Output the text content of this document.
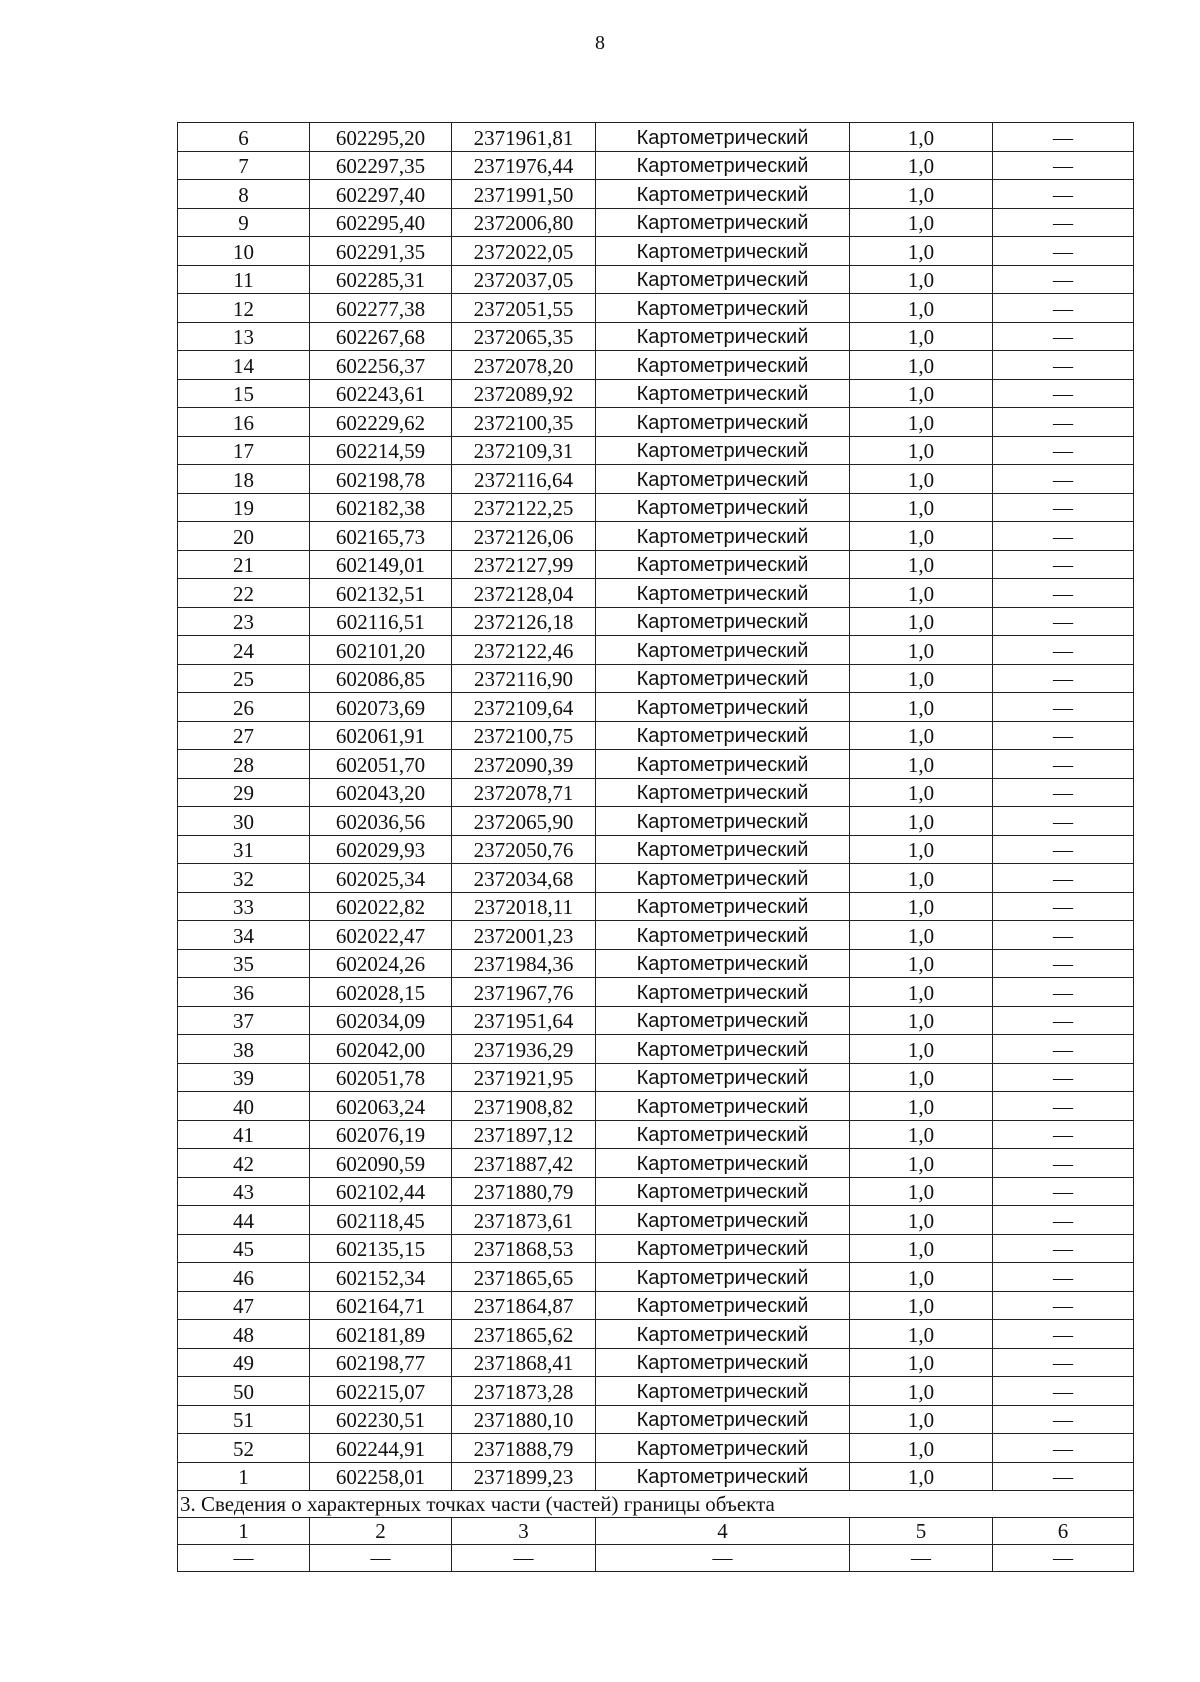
8
6	602295,20	2371961,81	Картометрический	1,0	—
7	602297,35	2371976,44	Картометрический	1,0	—
8	602297,40	2371991,50	Картометрический	1,0	—
9	602295,40	2372006,80	Картометрический	1,0	—
10	602291,35	2372022,05	Картометрический	1,0	—
11	602285,31	2372037,05	Картометрический	1,0	—
12	602277,38	2372051,55	Картометрический	1,0	—
13	602267,68	2372065,35	Картометрический	1,0	—
14	602256,37	2372078,20	Картометрический	1,0	—
15	602243,61	2372089,92	Картометрический	1,0	—
16	602229,62	2372100,35	Картометрический	1,0	—
17	602214,59	2372109,31	Картометрический	1,0	—
18	602198,78	2372116,64	Картометрический	1,0	—
19	602182,38	2372122,25	Картометрический	1,0	—
20	602165,73	2372126,06	Картометрический	1,0	—
21	602149,01	2372127,99	Картометрический	1,0	—
22	602132,51	2372128,04	Картометрический	1,0	—
23	602116,51	2372126,18	Картометрический	1,0	—
24	602101,20	2372122,46	Картометрический	1,0	—
25	602086,85	2372116,90	Картометрический	1,0	—
26	602073,69	2372109,64	Картометрический	1,0	—
27	602061,91	2372100,75	Картометрический	1,0	—
28	602051,70	2372090,39	Картометрический	1,0	—
29	602043,20	2372078,71	Картометрический	1,0	—
30	602036,56	2372065,90	Картометрический	1,0	—
31	602029,93	2372050,76	Картометрический	1,0	—
32	602025,34	2372034,68	Картометрический	1,0	—
33	602022,82	2372018,11	Картометрический	1,0	—
34	602022,47	2372001,23	Картометрический	1,0	—
35	602024,26	2371984,36	Картометрический	1,0	—
36	602028,15	2371967,76	Картометрический	1,0	—
37	602034,09	2371951,64	Картометрический	1,0	—
38	602042,00	2371936,29	Картометрический	1,0	—
39	602051,78	2371921,95	Картометрический	1,0	—
40	602063,24	2371908,82	Картометрический	1,0	—
41	602076,19	2371897,12	Картометрический	1,0	—
42	602090,59	2371887,42	Картометрический	1,0	—
43	602102,44	2371880,79	Картометрический	1,0	—
44	602118,45	2371873,61	Картометрический	1,0	—
45	602135,15	2371868,53	Картометрический	1,0	—
46	602152,34	2371865,65	Картометрический	1,0	—
47	602164,71	2371864,87	Картометрический	1,0	—
48	602181,89	2371865,62	Картометрический	1,0	—
49	602198,77	2371868,41	Картометрический	1,0	—
50	602215,07	2371873,28	Картометрический	1,0	—
51	602230,51	2371880,10	Картометрический	1,0	—
52	602244,91	2371888,79	Картометрический	1,0	—
1	602258,01	2371899,23	Картометрический	1,0	—
3. Сведения о характерных точках части (частей) границы объекта					
1	2	3	4	5	6
—	—	—	—	—	—
